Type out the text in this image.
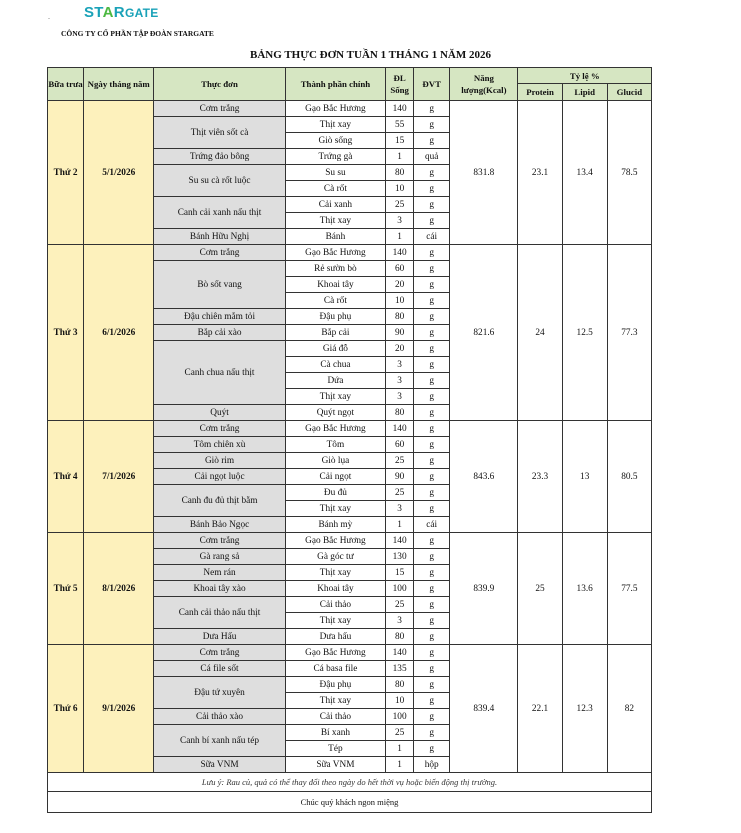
. STARGATE
CÔNG TY CỔ PHẦN TẬP ĐOÀN STARGATE
BẢNG THỰC ĐƠN TUẦN 1 THÁNG 1 NĂM 2026
Bữa trưa	Ngày tháng năm	Thực đơn	Thành phần chính	ĐL Sống	ĐVT	Năng lượng(Kcal)	Tỷ lệ %		
							Protein	Lipid	Glucid
Thứ 2	5/1/2026	Cơm trắng	Gạo Bắc Hương	140	g	831.8	23.1	13.4	78.5
		Thịt viên sốt cà	Thịt xay	55	g				
			Giò sống	15	g				
		Trứng đảo bông	Trứng gà	1	quả				
		Su su cà rốt luộc	Su su	80	g				
			Cà rốt	10	g				
		Canh cải xanh nấu thịt	Cải xanh	25	g				
			Thịt xay	3	g				
		Bánh Hữu Nghị	Bánh	1	cái				
Thứ 3	6/1/2026	Cơm trắng	Gạo Bắc Hương	140	g	821.6	24	12.5	77.3
		Bò sốt vang	Rẻ sườn bò	60	g				
			Khoai tây	20	g				
			Cà rốt	10	g				
		Đậu chiên mắm tỏi	Đậu phụ	80	g				
		Bắp cải xào	Bắp cải	90	g				
		Canh chua nấu thịt	Giá đỗ	20	g				
			Cà chua	3	g				
			Dứa	3	g				
			Thịt xay	3	g				
		Quýt	Quýt ngọt	80	g				
Thứ 4	7/1/2026	Cơm trắng	Gạo Bắc Hương	140	g	843.6	23.3	13	80.5
		Tôm chiên xù	Tôm	60	g				
		Giò rim	Giò lụa	25	g				
		Cải ngọt luộc	Cải ngọt	90	g				
		Canh đu đủ thịt bằm	Đu đủ	25	g				
			Thịt xay	3	g				
		Bánh Bảo Ngọc	Bánh mỳ	1	cái				
Thứ 5	8/1/2026	Cơm trắng	Gạo Bắc Hương	140	g	839.9	25	13.6	77.5
		Gà rang sả	Gà góc tư	130	g				
		Nem rán	Thịt xay	15	g				
		Khoai tây xào	Khoai tây	100	g				
		Canh cải thảo nấu thịt	Cải thảo	25	g				
			Thịt xay	3	g				
		Dưa Hấu	Dưa hấu	80	g				
Thứ 6	9/1/2026	Cơm trắng	Gạo Bắc Hương	140	g	839.4	22.1	12.3	82
		Cá file sốt	Cá basa file	135	g				
		Đậu tứ xuyên	Đậu phụ	80	g				
			Thịt xay	10	g				
		Cải thảo xào	Cải thảo	100	g				
		Canh bí xanh nấu tép	Bí xanh	25	g				
			Tép	1	g				
		Sữa VNM	Sữa VNM	1	hộp				
Lưu ý: Rau củ, quả có thể thay đổi theo ngày do hết thời vụ hoặc biến động thị trường.									
Chúc quý khách ngon miệng									
